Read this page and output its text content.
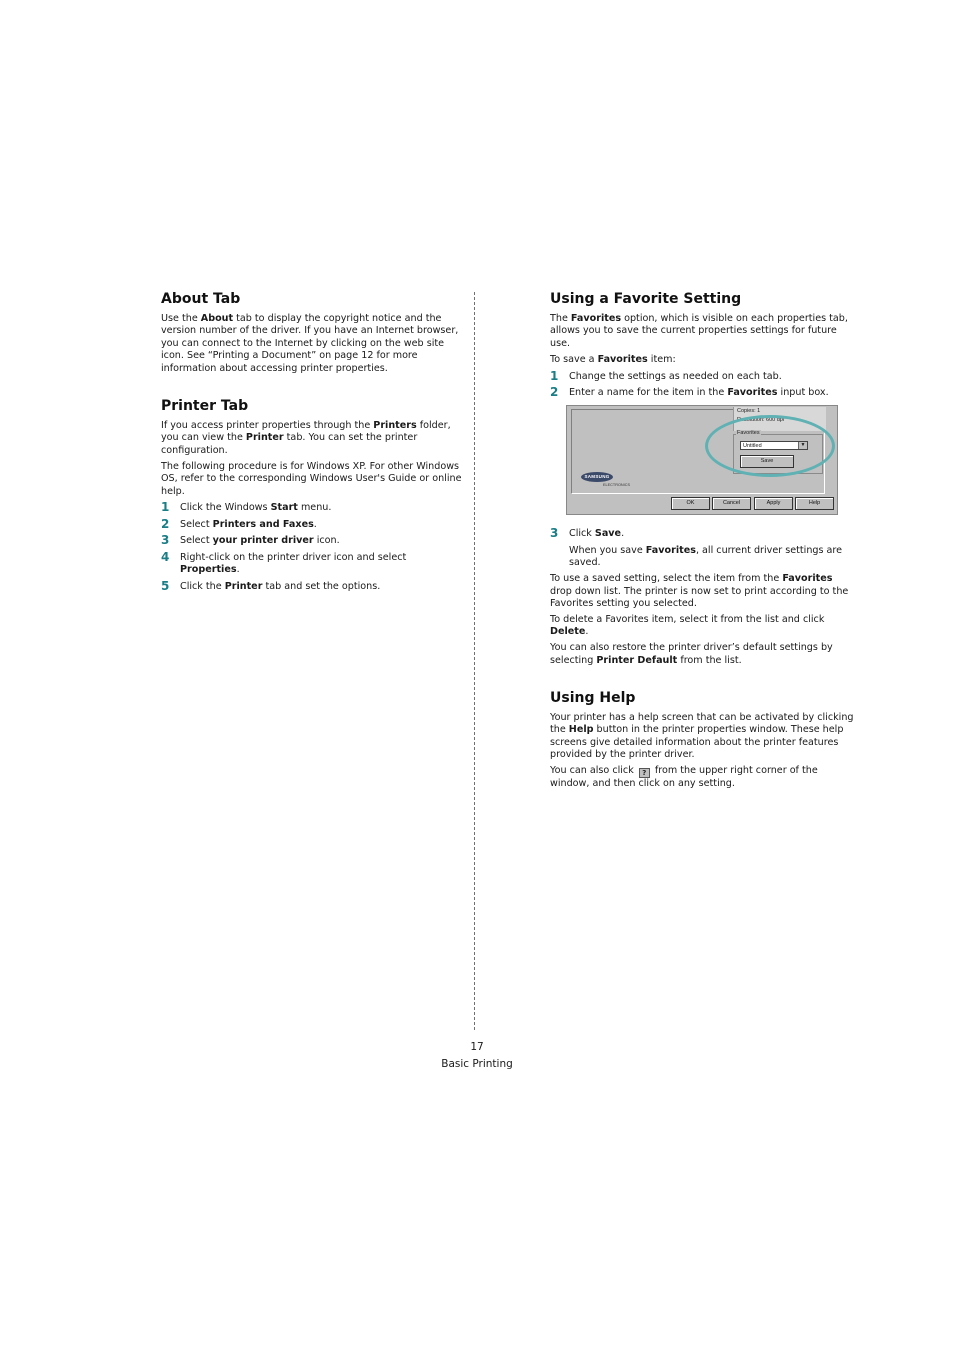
About Tab

Use the About tab to display the copyright notice and the version number of the driver. If you have an Internet browser, you can connect to the Internet by clicking on the web site icon. See “Printing a Document” on page 12 for more information about accessing printer properties.

Printer Tab

If you access printer properties through the Printers folder, you can view the Printer tab. You can set the printer configuration.

The following procedure is for Windows XP. For other Windows OS, refer to the corresponding Windows User's Guide or online help.

1	Click the Windows Start menu.
2	Select Printers and Faxes.
3	Select your printer driver icon.
4	Right-click on the printer driver icon and select Properties.
5	Click the Printer tab and set the options.
Using a Favorite Setting

The Favorites option, which is visible on each properties tab, allows you to save the current properties settings for future use.

To save a Favorites item:

1	Change the settings as needed on each tab.
2	Enter a name for the item in the Favorites input box.
Copies: 1
Resolution: 600 dpi
Favorites
Untitled	▼
Save
SAMSUNG
ELECTRONICS
OK	Cancel	Apply	Help
3	Click Save.

When you save Favorites, all current driver settings are saved.

To use a saved setting, select the item from the Favorites drop down list. The printer is now set to print according to the Favorites setting you selected.

To delete a Favorites item, select it from the list and click Delete.

You can also restore the printer driver’s default settings by selecting Printer Default from the list.

Using Help

Your printer has a help screen that can be activated by clicking the Help button in the printer properties window. These help screens give detailed information about the printer features provided by the printer driver.

You can also click ? from the upper right corner of the window, and then click on any setting.

17
Basic Printing
